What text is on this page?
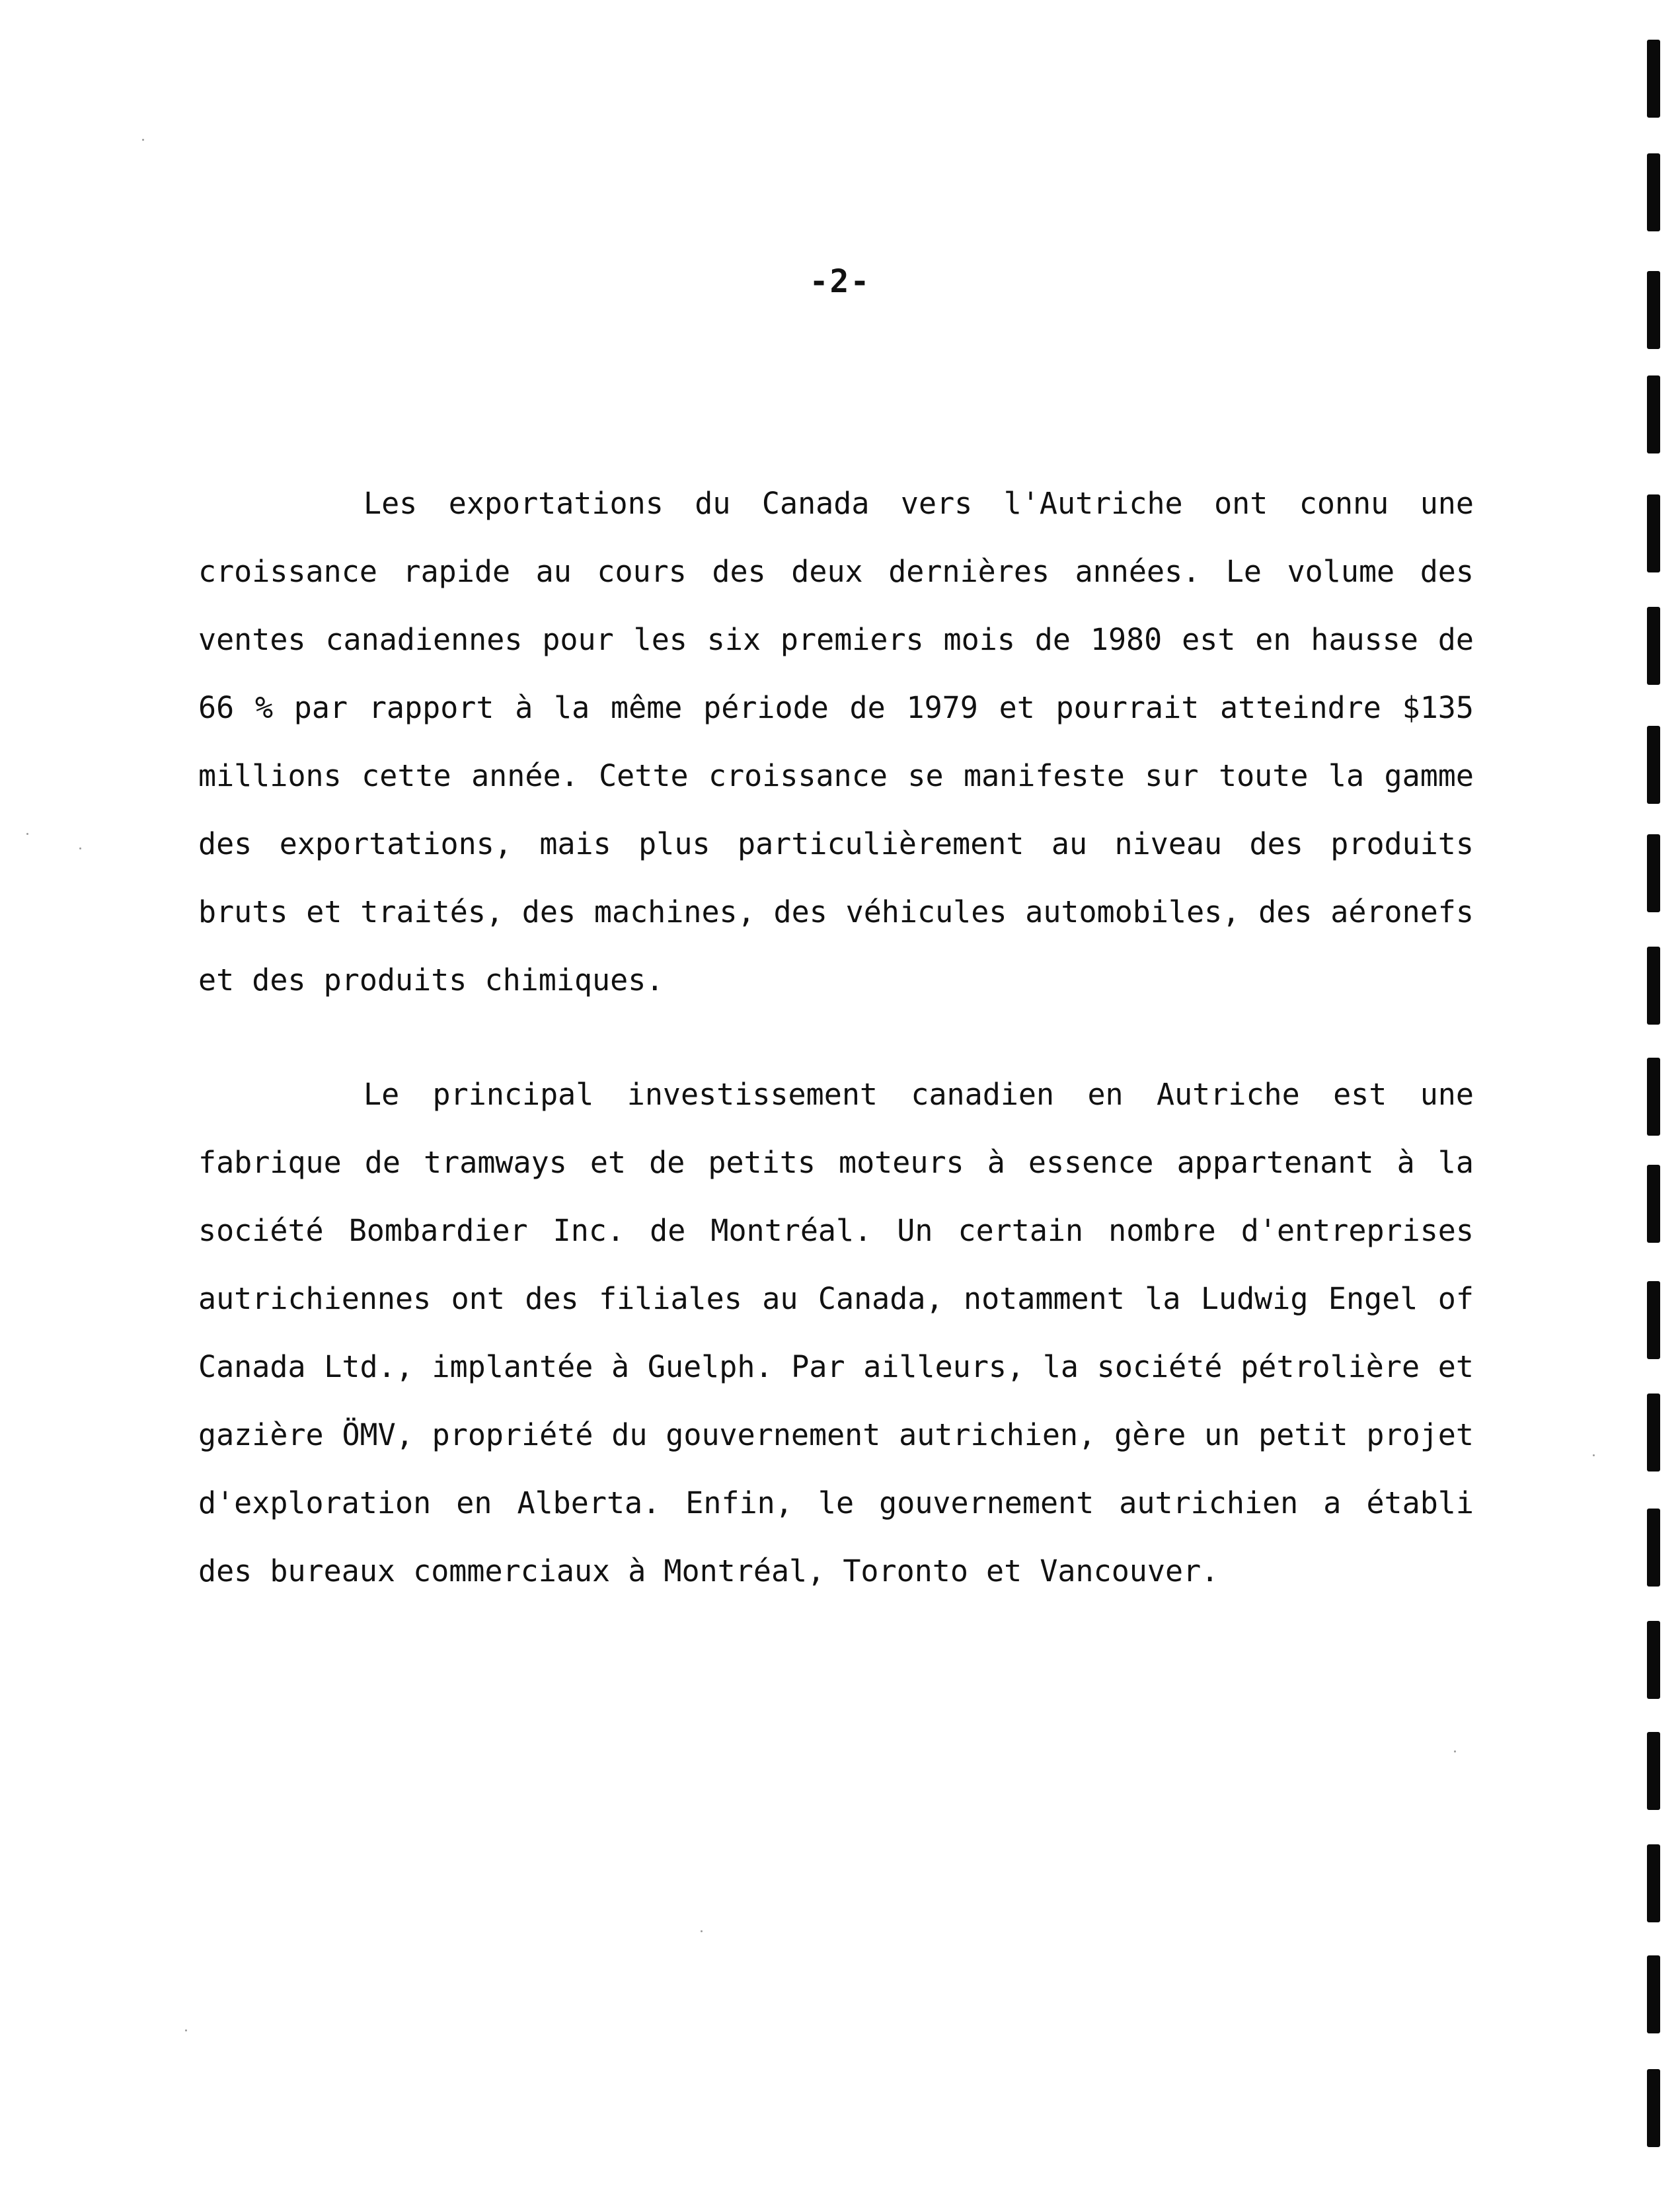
-2-

Les exportations du Canada vers l'Autriche ont connu une croissance rapide au cours des deux dernières années. Le volume des ventes canadiennes pour les six premiers mois de 1980 est en hausse de 66 % par rapport à la même période de 1979 et pourrait atteindre $135 millions cette année. Cette croissance se manifeste sur toute la gamme des exportations, mais plus particulièrement au niveau des produits bruts et traités, des machines, des véhicules automobiles, des aéronefs et des produits chimiques.

Le principal investissement canadien en Autriche est une fabrique de tramways et de petits moteurs à essence appartenant à la société Bombardier Inc. de Montréal. Un certain nombre d'entreprises autrichiennes ont des filiales au Canada, notamment la Ludwig Engel of Canada Ltd., implantée à Guelph. Par ailleurs, la société pétrolière et gazière ÖMV, propriété du gouvernement autrichien, gère un petit projet d'exploration en Alberta. Enfin, le gouvernement autrichien a établi des bureaux commerciaux à Montréal, Toronto et Vancouver.
